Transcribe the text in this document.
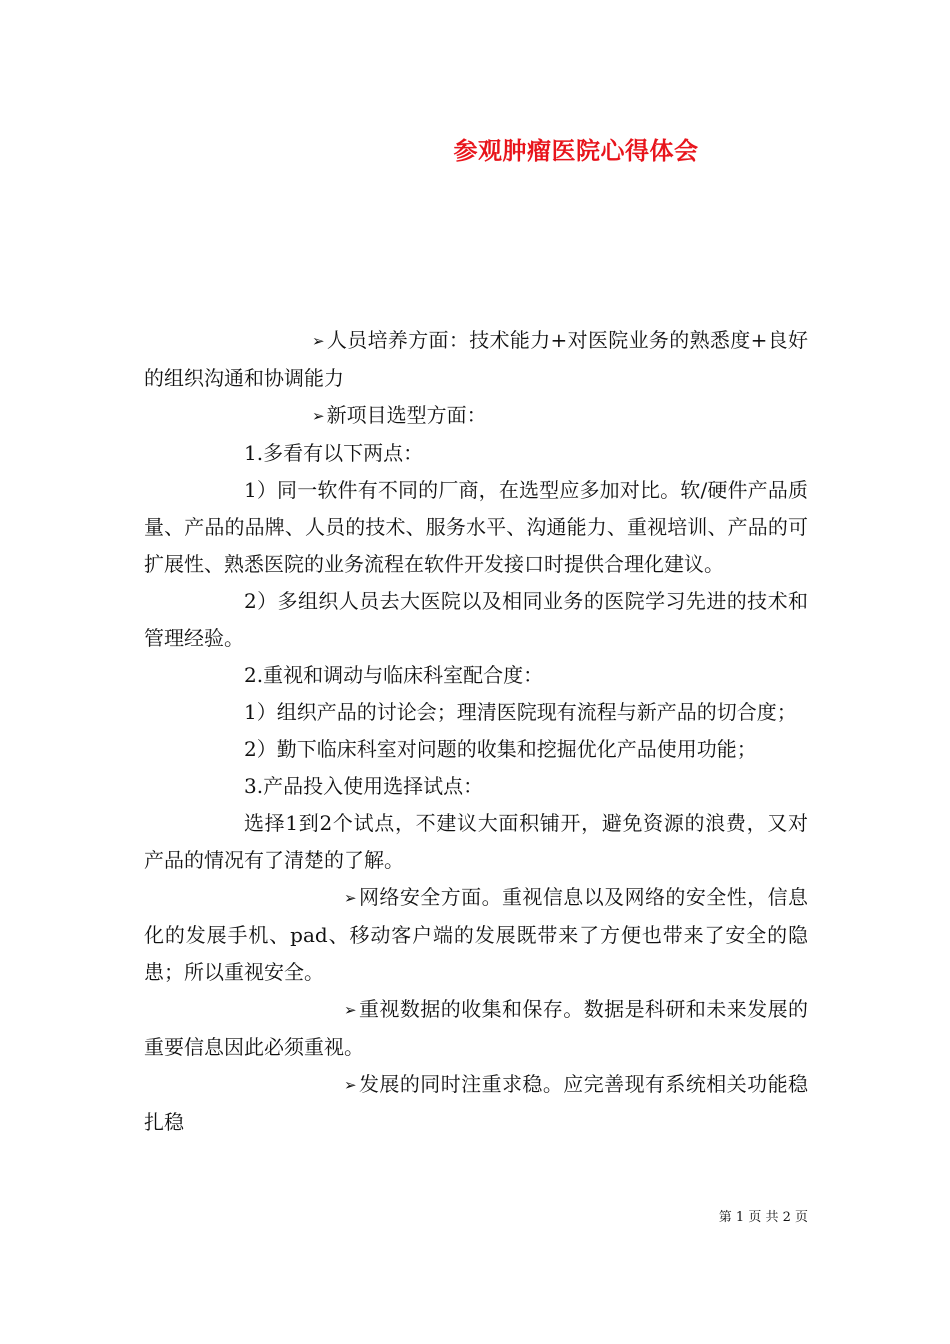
参观肿瘤医院心得体会

➢ 人员培养方面：技术能力+对医院业务的熟悉度+良好的组织沟通和协调能力

➢ 新项目选型方面：

1.多看有以下两点：

1）同一软件有不同的厂商，在选型应多加对比。软/硬件产品质量、产品的品牌、人员的技术、服务水平、沟通能力、重视培训、产品的可扩展性、熟悉医院的业务流程在软件开发接口时提供合理化建议。

2）多组织人员去大医院以及相同业务的医院学习先进的技术和管理经验。

2.重视和调动与临床科室配合度：

1）组织产品的讨论会；理清医院现有流程与新产品的切合度；

2）勤下临床科室对问题的收集和挖掘优化产品使用功能；

3.产品投入使用选择试点：

选择1到2个试点，不建议大面积铺开，避免资源的浪费，又对产品的情况有了清楚的了解。

➢ 网络安全方面。重视信息以及网络的安全性，信息化的发展手机、pad、移动客户端的发展既带来了方便也带来了安全的隐患；所以重视安全。

➢ 重视数据的收集和保存。数据是科研和未来发展的重要信息因此必须重视。

➢ 发展的同时注重求稳。应完善现有系统相关功能稳扎稳

第 1 页 共 2 页
